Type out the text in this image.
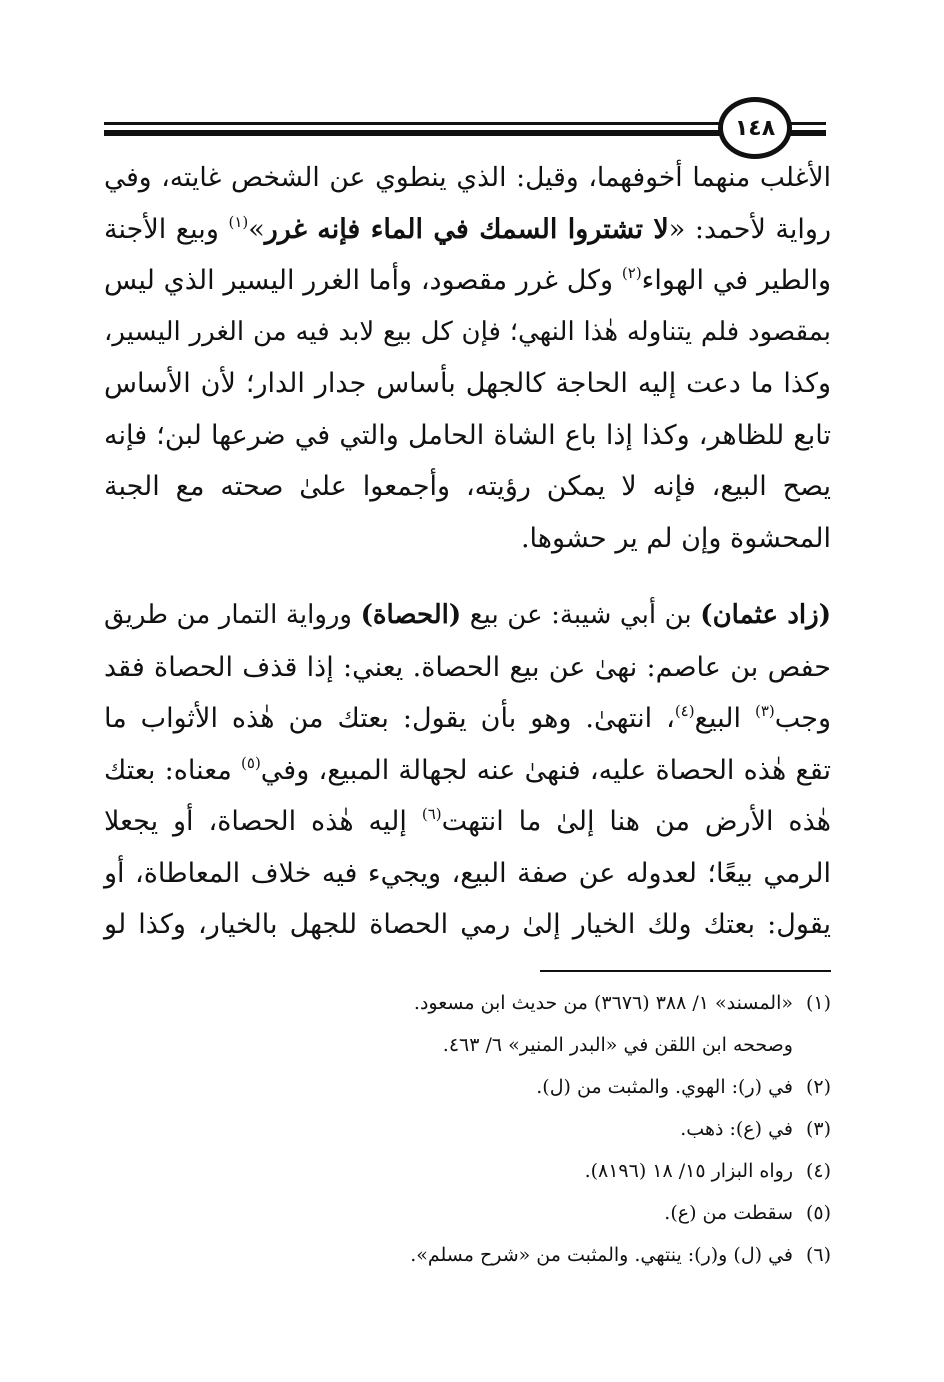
١٤٨
الأغلب منهما أخوفهما، وقيل: الذي ينطوي عن الشخص غايته، وفي
رواية لأحمد: «لا تشتروا السمك في الماء فإنه غرر»$^{(١)}$ وبيع الأجنة
والطير في الهواء$^{(٢)}$ وكل غرر مقصود، وأما الغرر اليسير الذي ليس
بمقصود فلم يتناوله هٰذا النهي؛ فإن كل بيع لابد فيه من الغرر اليسير،
وكذا ما دعت إليه الحاجة كالجهل بأساس جدار الدار؛ لأن الأساس
تابع للظاهر، وكذا إذا باع الشاة الحامل والتي في ضرعها لبن؛ فإنه
يصح البيع، فإنه لا يمكن رؤيته، وأجمعوا علىٰ صحته مع الجبة
المحشوة وإن لم ير حشوها.
(زاد عثمان) بن أبي شيبة: عن بيع (الحصاة) ورواية التمار من طريق
حفص بن عاصم: نهىٰ عن بيع الحصاة. يعني: إذا قذف الحصاة فقد
وجب$^{(٣)}$ البيع$^{(٤)}$، انتهىٰ. وهو بأن يقول: بعتك من هٰذه الأثواب ما
تقع هٰذه الحصاة عليه، فنهىٰ عنه لجهالة المبيع، وفي$^{(٥)}$ معناه: بعتك
هٰذه الأرض من هنا إلىٰ ما انتهت$^{(٦)}$ إليه هٰذه الحصاة، أو يجعلا
الرمي بيعًا؛ لعدوله عن صفة البيع، ويجيء فيه خلاف المعاطاة، أو
يقول: بعتك ولك الخيار إلىٰ رمي الحصاة للجهل بالخيار، وكذا لو
(١)
«المسند» ١/ ٣٨٨ (٣٦٧٦) من حديث ابن مسعود.
وصححه ابن اللقن في «البدر المنير» ٦/ ٤٦٣.
(٢)
في (ر): الهوي. والمثبت من (ل).
(٣)
في (ع): ذهب.
(٤)
رواه البزار ١٥/ ١٨ (٨١٩٦).
(٥)
سقطت من (ع).
(٦)
في (ل) و(ر): ينتهي. والمثبت من «شرح مسلم».
